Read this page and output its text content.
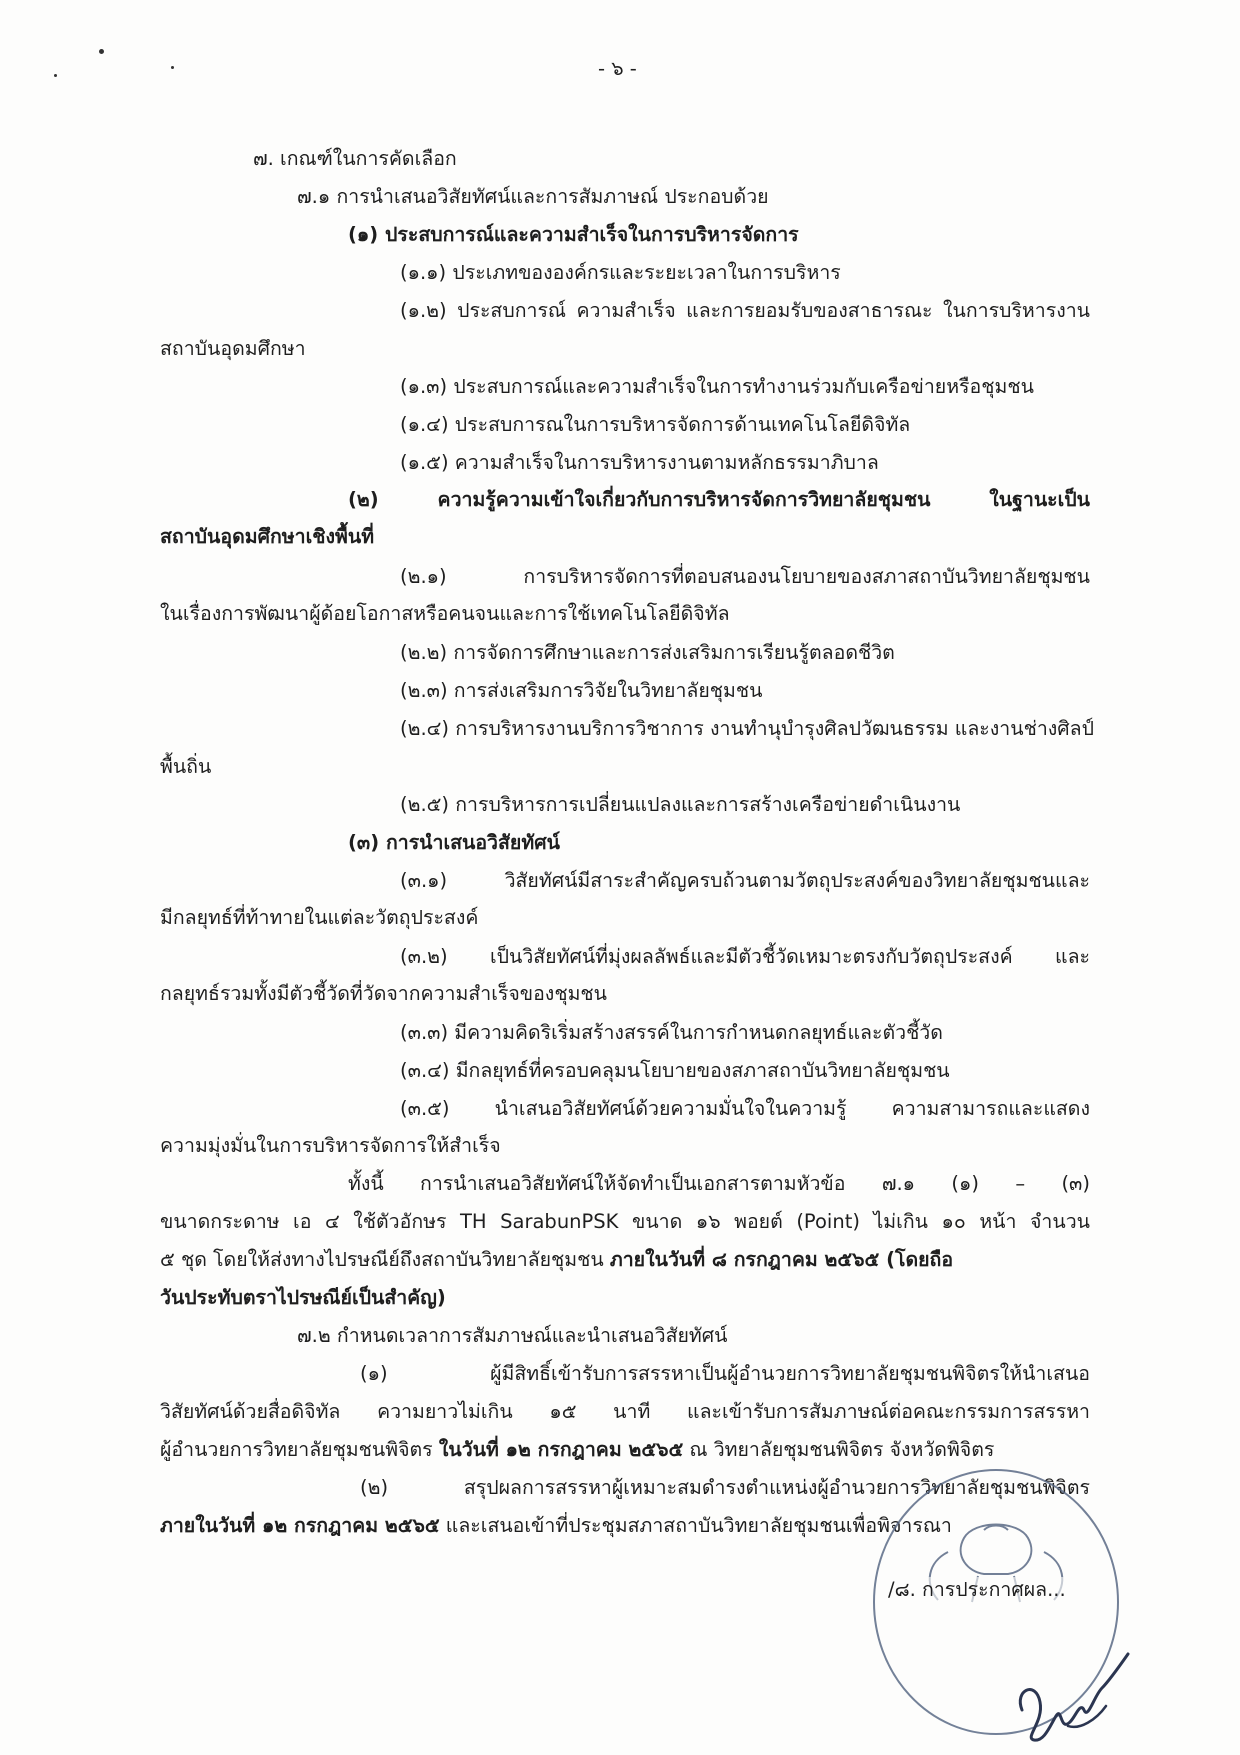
- ๖ -

๗. เกณฑ์ในการคัดเลือก

๗.๑ การนำเสนอวิสัยทัศน์และการสัมภาษณ์ ประกอบด้วย

(๑) ประสบการณ์และความสำเร็จในการบริหารจัดการ

(๑.๑) ประเภทขององค์กรและระยะเวลาในการบริหาร

(๑.๒) ประสบการณ์ ความสำเร็จ และการยอมรับของสาธารณะ ในการบริหารงาน

สถาบันอุดมศึกษา

(๑.๓) ประสบการณ์และความสำเร็จในการทำงานร่วมกับเครือข่ายหรือชุมชน

(๑.๔) ประสบการณในการบริหารจัดการด้านเทคโนโลยีดิจิทัล

(๑.๕) ความสำเร็จในการบริหารงานตามหลักธรรมาภิบาล

(๒) ความรู้ความเข้าใจเกี่ยวกับการบริหารจัดการวิทยาลัยชุมชน ในฐานะเป็น

สถาบันอุดมศึกษาเชิงพื้นที่

(๒.๑) การบริหารจัดการที่ตอบสนองนโยบายของสภาสถาบันวิทยาลัยชุมชน

ในเรื่องการพัฒนาผู้ด้อยโอกาสหรือคนจนและการใช้เทคโนโลยีดิจิทัล

(๒.๒) การจัดการศึกษาและการส่งเสริมการเรียนรู้ตลอดชีวิต

(๒.๓) การส่งเสริมการวิจัยในวิทยาลัยชุมชน

(๒.๔) การบริหารงานบริการวิชาการ งานทำนุบำรุงศิลปวัฒนธรรม และงานช่างศิลป์

พื้นถิ่น

(๒.๕) การบริหารการเปลี่ยนแปลงและการสร้างเครือข่ายดำเนินงาน

(๓) การนำเสนอวิสัยทัศน์

(๓.๑) วิสัยทัศน์มีสาระสำคัญครบถ้วนตามวัตถุประสงค์ของวิทยาลัยชุมชนและ

มีกลยุทธ์ที่ท้าทายในแต่ละวัตถุประสงค์

(๓.๒) เป็นวิสัยทัศน์ที่มุ่งผลลัพธ์และมีตัวชี้วัดเหมาะตรงกับวัตถุประสงค์ และ

กลยุทธ์รวมทั้งมีตัวชี้วัดที่วัดจากความสำเร็จของชุมชน

(๓.๓) มีความคิดริเริ่มสร้างสรรค์ในการกำหนดกลยุทธ์และตัวชี้วัด

(๓.๔) มีกลยุทธ์ที่ครอบคลุมนโยบายของสภาสถาบันวิทยาลัยชุมชน

(๓.๕) นำเสนอวิสัยทัศน์ด้วยความมั่นใจในความรู้ ความสามารถและแสดง

ความมุ่งมั่นในการบริหารจัดการให้สำเร็จ

ทั้งนี้ การนำเสนอวิสัยทัศน์ให้จัดทำเป็นเอกสารตามหัวข้อ ๗.๑ (๑) – (๓)

ขนาดกระดาษ เอ ๔ ใช้ตัวอักษร TH SarabunPSK ขนาด ๑๖ พอยต์ (Point) ไม่เกิน ๑๐ หน้า จำนวน

๕ ชุด โดยให้ส่งทางไปรษณีย์ถึงสถาบันวิทยาลัยชุมชน ภายในวันที่ ๘ กรกฎาคม ๒๕๖๕ (โดยถือ

วันประทับตราไปรษณีย์เป็นสำคัญ)

๗.๒ กำหนดเวลาการสัมภาษณ์และนำเสนอวิสัยทัศน์

(๑) ผู้มีสิทธิ์เข้ารับการสรรหาเป็นผู้อำนวยการวิทยาลัยชุมชนพิจิตรให้นำเสนอ

วิสัยทัศน์ด้วยสื่อดิจิทัล ความยาวไม่เกิน ๑๕ นาที และเข้ารับการสัมภาษณ์ต่อคณะกรรมการสรรหา

ผู้อำนวยการวิทยาลัยชุมชนพิจิตร ในวันที่ ๑๒ กรกฎาคม ๒๕๖๕ ณ วิทยาลัยชุมชนพิจิตร จังหวัดพิจิตร

(๒) สรุปผลการสรรหาผู้เหมาะสมดำรงตำแหน่งผู้อำนวยการวิทยาลัยชุมชนพิจิตร

ภายในวันที่ ๑๒ กรกฎาคม ๒๕๖๕ และเสนอเข้าที่ประชุมสภาสถาบันวิทยาลัยชุมชนเพื่อพิจารณา

/๘. การประกาศผล...
